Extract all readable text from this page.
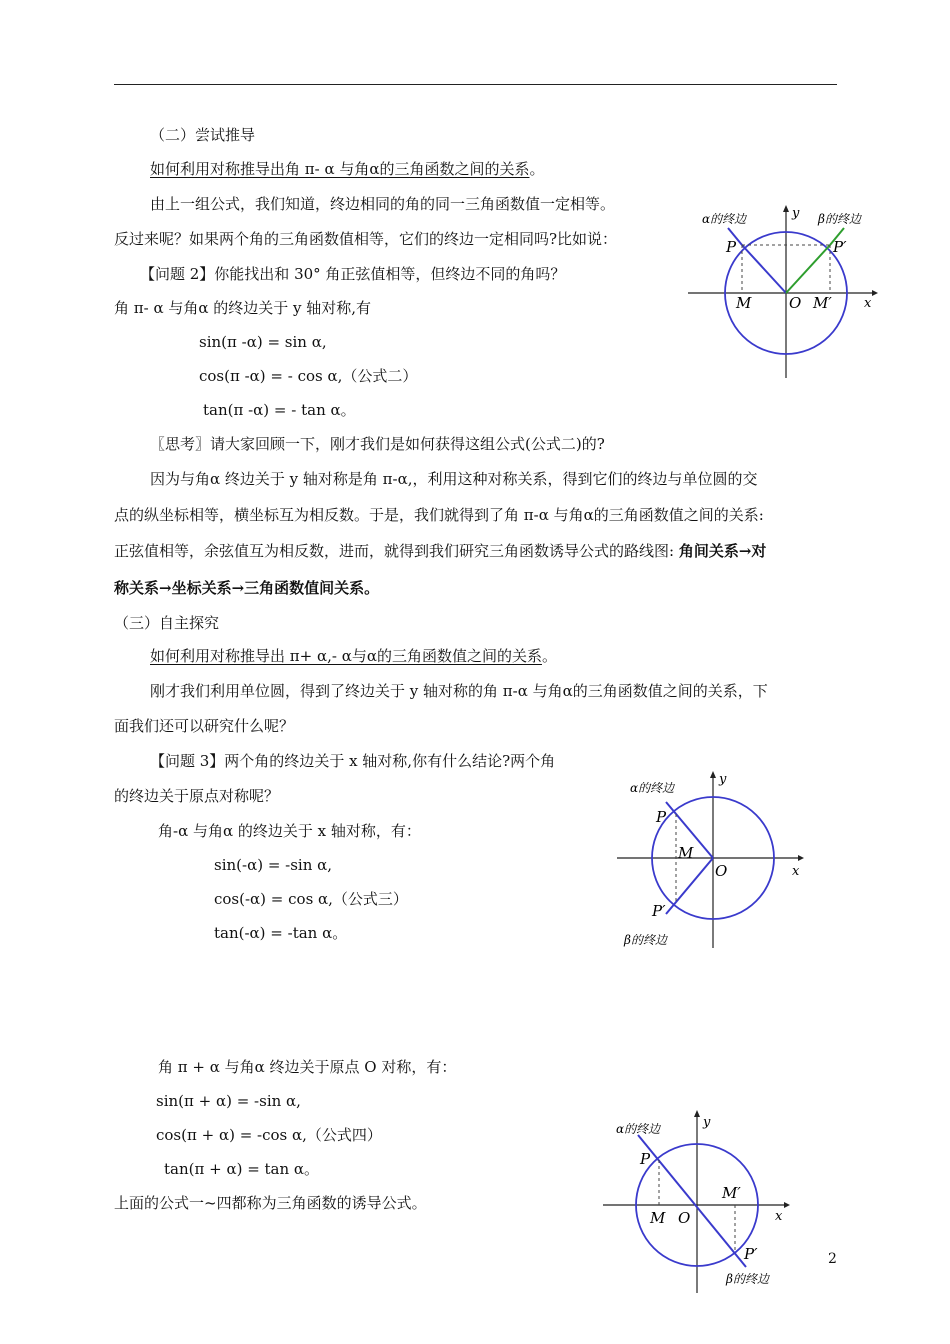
（二）尝试推导
如何利用对称推导出角 π- α 与角α的三角函数之间的关系。
由上一组公式，我们知道，终边相同的角的同一三角函数值一定相等。
反过来呢？如果两个角的三角函数值相等，它们的终边一定相同吗?比如说：
【问题 2】你能找出和 30° 角正弦值相等，但终边不同的角吗？
角 π- α 与角α 的终边关于 y 轴对称,有
sin(π -α) = sin α,
cos(π -α) = - cos α,（公式二）
tan(π -α) = - tan α。
〖思考〗请大家回顾一下，刚才我们是如何获得这组公式(公式二)的?
因为与角α 终边关于 y 轴对称是角 π-α,，利用这种对称关系，得到它们的终边与单位圆的交
点的纵坐标相等，横坐标互为相反数。于是，我们就得到了角 π-α 与角α的三角函数值之间的关系:
正弦值相等，余弦值互为相反数，进而，就得到我们研究三角函数诱导公式的路线图: 角间关系→对
称关系→坐标关系→三角函数值间关系。
（三）自主探究
如何利用对称推导出 π+ α,- α与α的三角函数值之间的关系。
刚才我们利用单位圆，得到了终边关于 y 轴对称的角 π-α 与角α的三角函数值之间的关系，下
面我们还可以研究什么呢？
【问题 3】两个角的终边关于 x 轴对称,你有什么结论?两个角
的终边关于原点对称呢？
角-α 与角α 的终边关于 x 轴对称，有：
sin(-α) = -sin α,
cos(-α) = cos α,（公式三）
tan(-α) = -tan α。
角 π + α 与角α 终边关于原点 O 对称，有：
sin(π + α) = -sin α,
cos(π + α) = -cos α,（公式四）
tan(π + α) = tan α。
上面的公式一~四都称为三角函数的诱导公式。
α的终边	β的终边
y
x
P	P′
M	O M′
α的终边
β的终边
y
x
P
P′
M
O
α的终边
β的终边
y
x
P
P′
M
M′
O
2
